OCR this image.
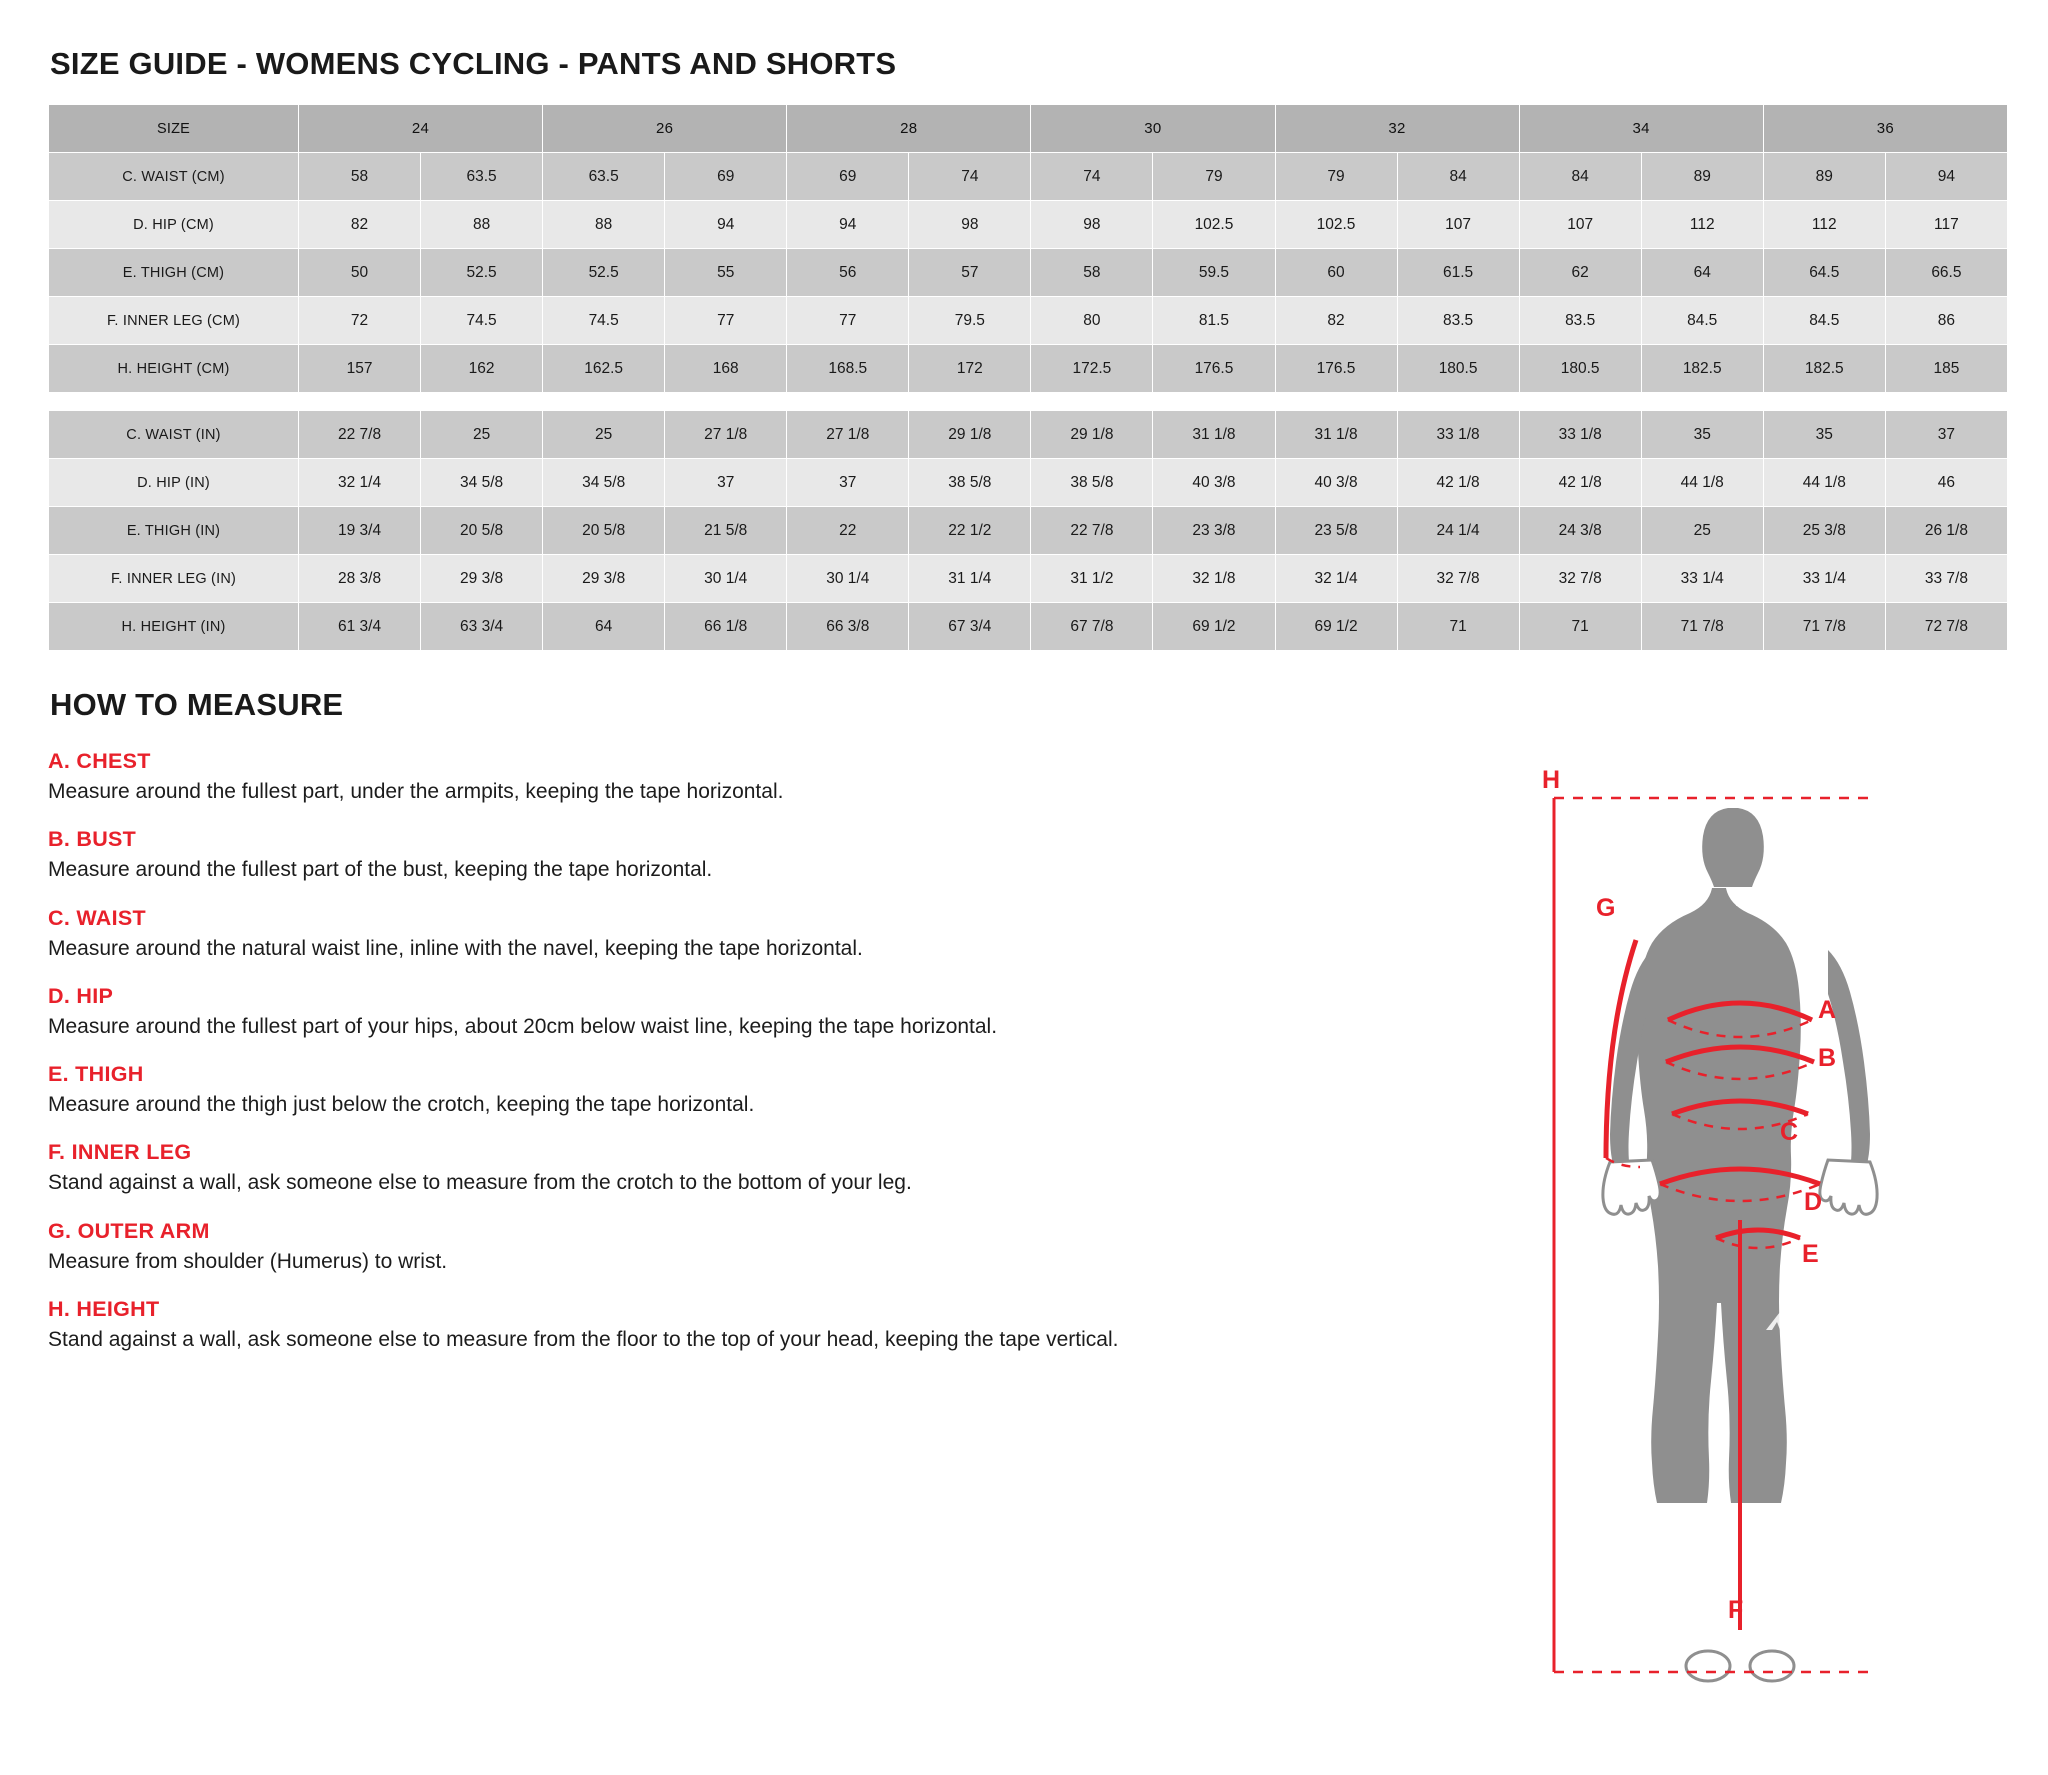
SIZE GUIDE - WOMENS CYCLING - PANTS AND SHORTS
SIZE	24		26		28		30		32		34		36	
C. WAIST (CM)	58	63.5	63.5	69	69	74	74	79	79	84	84	89	89	94
D. HIP (CM)	82	88	88	94	94	98	98	102.5	102.5	107	107	112	112	117
E. THIGH (CM)	50	52.5	52.5	55	56	57	58	59.5	60	61.5	62	64	64.5	66.5
F. INNER LEG (CM)	72	74.5	74.5	77	77	79.5	80	81.5	82	83.5	83.5	84.5	84.5	86
H. HEIGHT (CM)	157	162	162.5	168	168.5	172	172.5	176.5	176.5	180.5	180.5	182.5	182.5	185

C. WAIST (IN)	22 7/8	25	25	27 1/8	27 1/8	29 1/8	29 1/8	31 1/8	31 1/8	33 1/8	33 1/8	35	35	37
D. HIP (IN)	32 1/4	34 5/8	34 5/8	37	37	38 5/8	38 5/8	40 3/8	40 3/8	42 1/8	42 1/8	44 1/8	44 1/8	46
E. THIGH (IN)	19 3/4	20 5/8	20 5/8	21 5/8	22	22 1/2	22 7/8	23 3/8	23 5/8	24 1/4	24 3/8	25	25 3/8	26 1/8
F. INNER LEG (IN)	28 3/8	29 3/8	29 3/8	30 1/4	30 1/4	31 1/4	31 1/2	32 1/8	32 1/4	32 7/8	32 7/8	33 1/4	33 1/4	33 7/8
H. HEIGHT (IN)	61 3/4	63 3/4	64	66 1/8	66 3/8	67 3/4	67 7/8	69 1/2	69 1/2	71	71	71 7/8	71 7/8	72 7/8
HOW TO MEASURE
A. CHEST
Measure around the fullest part, under the armpits, keeping the tape horizontal.
B. BUST
Measure around the fullest part of the bust, keeping the tape horizontal.
C. WAIST
Measure around the natural waist line, inline with the navel, keeping the tape horizontal.
D. HIP
Measure around the fullest part of your hips, about 20cm below waist line, keeping the tape horizontal.
E. THIGH
Measure around the thigh just below the crotch, keeping the tape horizontal.
F. INNER LEG
Stand against a wall, ask someone else to measure from the crotch to the bottom of your leg.
G. OUTER ARM
Measure from shoulder (Humerus) to wrist.
H. HEIGHT
Stand against a wall, ask someone else to measure from the floor to the top of your head, keeping the tape vertical.
H
G
A
B
C
D
E
F
